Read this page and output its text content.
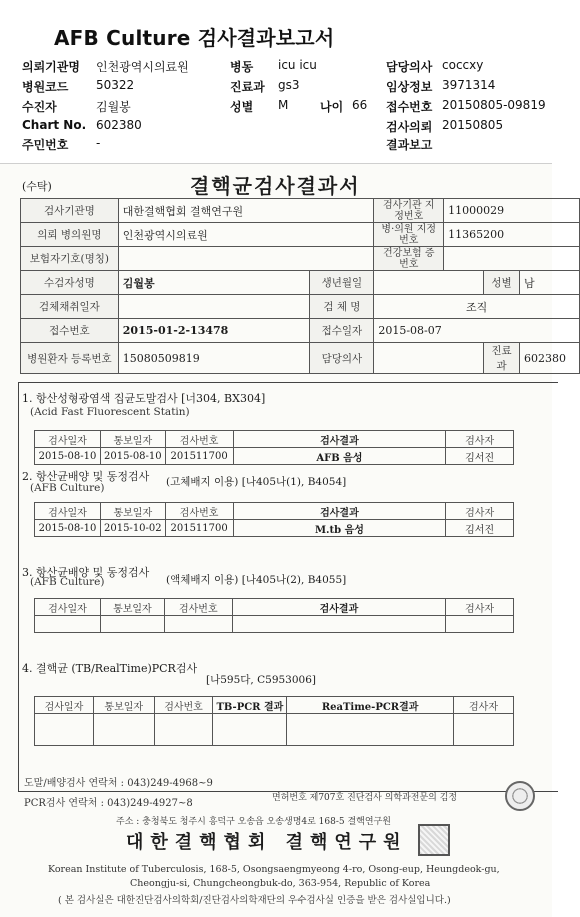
AFB Culture 검사결과보고서
의뢰기관명 인천광역시의료원	병동 icu icu	담당의사 coccxy
병원코드 50322	진료과 gs3	임상정보 3971314
수진자	김월봉	성별 M	나이 66 접수번호 20150805-09819
Chart No. 602380	검사의뢰 20150805
주민번호 -	결과보고
(수탁)	결핵균검사결과서
검사기관명	대한결핵협회 결핵연구원		검사기관 지정번호	11000029		
의뢰 병의원명	인천광역시의료원		병·의원 지정번호	11365200		
보험자기호(명칭)			건강보험 증번호			
수검자성명	김월봉	생년월일			성별	남
검체채취일자		검 체 명	조직			
접수번호	2015-01-2-13478	접수일자	2015-08-07			
병원환자 등록번호	15080509819	담당의사			진료과	602380
1. 항산성형광염색 집균도말검사 [너304, BX304]
(Acid Fast Fluorescent Statin)
검사일자	통보일자	검사번호	검사결과	검사자
2015-08-10	2015-08-10	201511700	AFB 음성	김서진
2. 항산균배양 및 동정검사
(AFB Culture)	(고체배지 이용) [나405나(1), B4054]
검사일자	통보일자	검사번호	검사결과	검사자
2015-08-10	2015-10-02	201511700	M.tb 음성	김서진
3. 항산균배양 및 동정검사
(AFB Culture)	(액체배지 이용) [나405나(2), B4055]
검사일자	통보일자	검사번호	검사결과	검사자

4. 결핵균 (TB/RealTime)PCR검사
[나595다, C5953006]
검사일자	통보일자	검사번호	TB-PCR 결과	ReaTime-PCR결과	검사자

도말/배양검사 연락처 : 043)249-4968~9
PCR검사 연락처 : 043)249-4927~8	면허번호 제707호 진단검사 의학과전문의 김정
주소 : 충청북도 청주시 흥덕구 오송읍 오송생명4로 168-5 결핵연구원
대한결핵협회 결핵연구원
Korean Institute of Tuberculosis, 168-5, Osongsaengmyeong 4-ro, Osong-eup, Heungdeok-gu,
Cheongju-si, Chungcheongbuk-do, 363-954, Republic of Korea
( 본 검사실은 대한진단검사의학회/진단검사의학재단의 우수검사실 인증을 받은 검사실입니다.)
